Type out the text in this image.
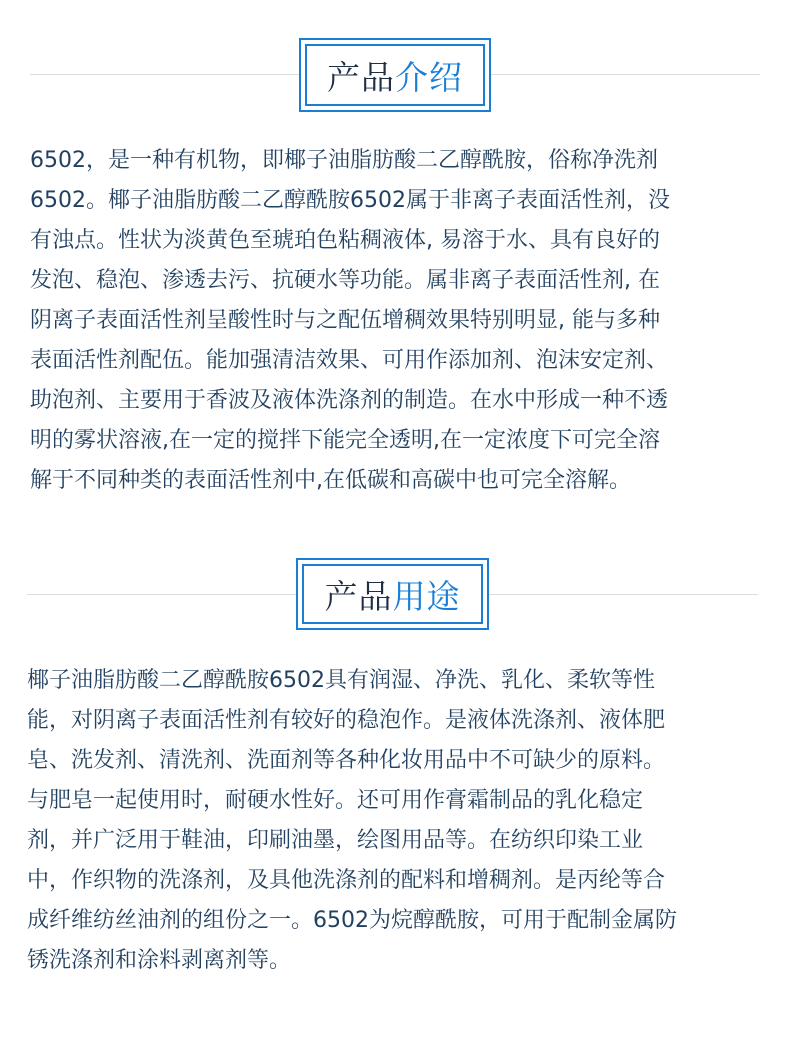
产品 介绍
6502，是一种有机物，即椰子油脂肪酸二乙醇酰胺，俗称净洗剂
6502。椰子油脂肪酸二乙醇酰胺6502属于非离子表面活性剂，没
有浊点。性状为淡黄色至琥珀色粘稠液体, 易溶于水、具有良好的
发泡、稳泡、渗透去污、抗硬水等功能。属非离子表面活性剂, 在
阴离子表面活性剂呈酸性时与之配伍增稠效果特别明显, 能与多种
表面活性剂配伍。能加强清洁效果、可用作添加剂、泡沫安定剂、
助泡剂、主要用于香波及液体洗涤剂的制造。在水中形成一种不透
明的雾状溶液,在一定的搅拌下能完全透明,在一定浓度下可完全溶
解于不同种类的表面活性剂中,在低碳和高碳中也可完全溶解。
产品 用途
椰子油脂肪酸二乙醇酰胺6502具有润湿、净洗、乳化、柔软等性
能，对阴离子表面活性剂有较好的稳泡作。是液体洗涤剂、液体肥
皂、洗发剂、清洗剂、洗面剂等各种化妆用品中不可缺少的原料。
与肥皂一起使用时，耐硬水性好。还可用作膏霜制品的乳化稳定
剂，并广泛用于鞋油，印刷油墨，绘图用品等。在纺织印染工业
中，作织物的洗涤剂，及具他洗涤剂的配料和增稠剂。是丙纶等合
成纤维纺丝油剂的组份之一。6502为烷醇酰胺，可用于配制金属防
锈洗涤剂和涂料剥离剂等。
